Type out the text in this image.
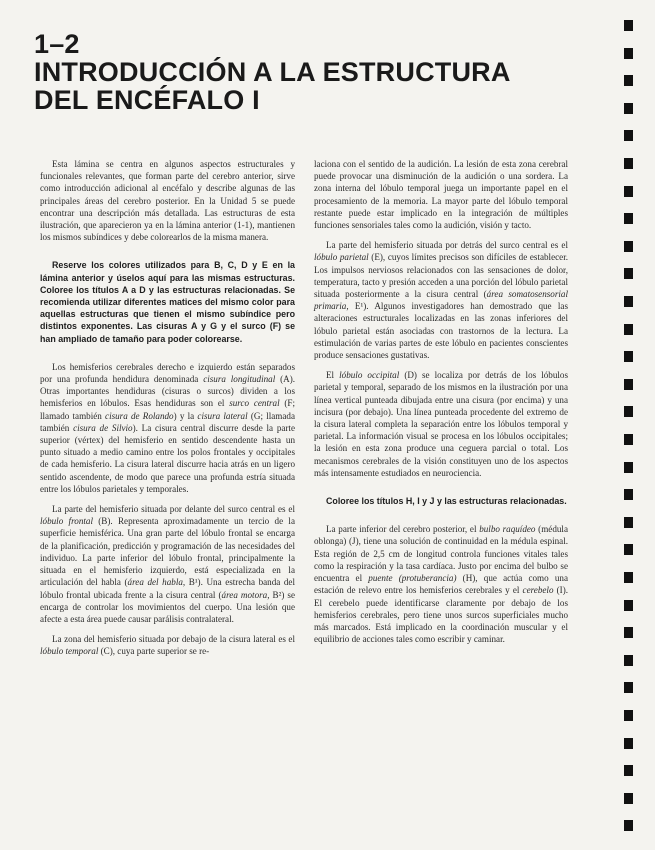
1–2
INTRODUCCIÓN A LA ESTRUCTURA
DEL ENCÉFALO I

Esta lámina se centra en algunos aspectos estructurales y funcionales relevantes, que forman parte del cerebro anterior, sirve como introducción adicional al encéfalo y describe algunas de las principales áreas del cerebro posterior. En la Unidad 5 se puede encontrar una descripción más detallada. Las estructuras de esta ilustración, que aparecieron ya en la lámina anterior (1-1), mantienen los mismos subíndices y debe colorearlos de la misma manera.

Reserve los colores utilizados para B, C, D y E en la lámina anterior y úselos aquí para las mismas estructuras. Coloree los títulos A a D y las estructuras relacionadas. Se recomienda utilizar diferentes matices del mismo color para aquellas estructuras que tienen el mismo subíndice pero distintos exponentes. Las cisuras A y G y el surco (F) se han ampliado de tamaño para poder colorearse.

Los hemisferios cerebrales derecho e izquierdo están separados por una profunda hendidura denominada cisura longitudinal (A). Otras importantes hendiduras (cisuras o surcos) dividen a los hemisferios en lóbulos. Esas hendiduras son el surco central (F; llamado también cisura de Rolando) y la cisura lateral (G; llamada también cisura de Silvio). La cisura central discurre desde la parte superior (vértex) del hemisferio en sentido descendente hasta un punto situado a medio camino entre los polos frontales y occipitales de cada hemisferio. La cisura lateral discurre hacia atrás en un ligero sentido ascendente, de modo que parece una profunda estría situada entre los lóbulos parietales y temporales.

La parte del hemisferio situada por delante del surco central es el lóbulo frontal (B). Representa aproximadamente un tercio de la superficie hemisférica. Una gran parte del lóbulo frontal se encarga de la planificación, predicción y programación de las necesidades del individuo. La parte inferior del lóbulo frontal, principalmente la situada en el hemisferio izquierdo, está especializada en la articulación del habla (área del habla, B¹). Una estrecha banda del lóbulo frontal ubicada frente a la cisura central (área motora, B²) se encarga de controlar los movimientos del cuerpo. Una lesión que afecte a esta área puede causar parálisis contralateral.

La zona del hemisferio situada por debajo de la cisura lateral es el lóbulo temporal (C), cuya parte superior se re-

laciona con el sentido de la audición. La lesión de esta zona cerebral puede provocar una disminución de la audición o una sordera. La zona interna del lóbulo temporal juega un importante papel en el procesamiento de la memoria. La mayor parte del lóbulo temporal restante puede estar implicado en la integración de múltiples funciones sensoriales tales como la audición, visión y tacto.

La parte del hemisferio situada por detrás del surco central es el lóbulo parietal (E), cuyos límites precisos son difíciles de establecer. Los impulsos nerviosos relacionados con las sensaciones de dolor, temperatura, tacto y presión acceden a una porción del lóbulo parietal situada posteriormente a la cisura central (área somatosensorial primaria, E¹). Algunos investigadores han demostrado que las alteraciones estructurales localizadas en las zonas inferiores del lóbulo parietal están asociadas con trastornos de la lectura. La estimulación de varias partes de este lóbulo en pacientes conscientes produce sensaciones gustativas.

El lóbulo occipital (D) se localiza por detrás de los lóbulos parietal y temporal, separado de los mismos en la ilustración por una línea vertical punteada dibujada entre una cisura (por encima) y una incisura (por debajo). Una línea punteada procedente del extremo de la cisura lateral completa la separación entre los lóbulos temporal y parietal. La información visual se procesa en los lóbulos occipitales; la lesión en esta zona produce una ceguera parcial o total. Los mecanismos cerebrales de la visión constituyen uno de los aspectos más intensamente estudiados en neurociencia.

Coloree los títulos H, I y J y las estructuras relacionadas.

La parte inferior del cerebro posterior, el bulbo raquídeo (médula oblonga) (J), tiene una solución de continuidad en la médula espinal. Esta región de 2,5 cm de longitud controla funciones vitales tales como la respiración y la tasa cardíaca. Justo por encima del bulbo se encuentra el puente (protuberancia) (H), que actúa como una estación de relevo entre los hemisferios cerebrales y el cerebelo (I). El cerebelo puede identificarse claramente por debajo de los hemisferios cerebrales, pero tiene unos surcos superficiales mucho más marcados. Está implicado en la coordinación muscular y el equilibrio de acciones tales como escribir y caminar.
